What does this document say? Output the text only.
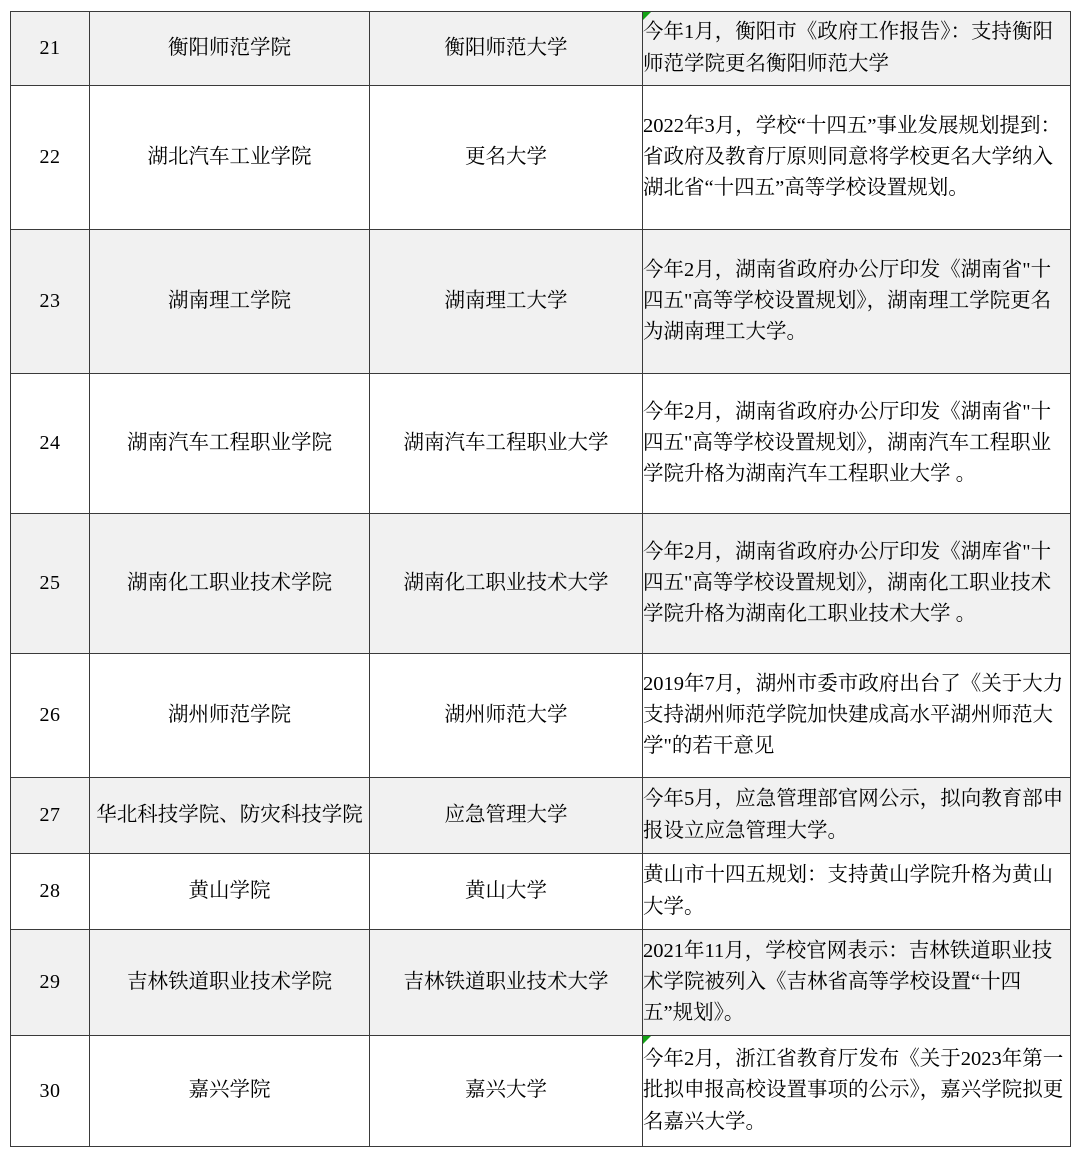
21	衡阳师范学院	衡阳师范大学	今年1月，衡阳市《政府工作报告》：支持衡阳师范学院更名衡阳师范大学

22	湖北汽车工业学院	更名大学	2022年3月，学校“十四五”事业发展规划提到：省政府及教育厅原则同意将学校更名大学纳入湖北省“十四五”高等学校设置规划。

23	湖南理工学院	湖南理工大学	今年2月，湖南省政府办公厅印发《湖南省"十四五"高等学校设置规划》，湖南理工学院更名为湖南理工大学。

24	湖南汽车工程职业学院	湖南汽车工程职业大学	今年2月，湖南省政府办公厅印发《湖南省"十四五"高等学校设置规划》，湖南汽车工程职业学院升格为湖南汽车工程职业大学 。

25	湖南化工职业技术学院	湖南化工职业技术大学	今年2月，湖南省政府办公厅印发《湖库省"十四五"高等学校设置规划》，湖南化工职业技术学院升格为湖南化工职业技术大学 。

26	湖州师范学院	湖州师范大学	2019年7月，湖州市委市政府出台了《关于大力支持湖州师范学院加快建成高水平湖州师范大学"的若干意见

27	华北科技学院、防灾科技学院	应急管理大学	今年5月，应急管理部官网公示，拟向教育部申报设立应急管理大学。

28	黄山学院	黄山大学	黄山市十四五规划：支持黄山学院升格为黄山大学。

29	吉林铁道职业技术学院	吉林铁道职业技术大学	2021年11月，学校官网表示：吉林铁道职业技术学院被列入《吉林省高等学校设置“十四五”规划》。

30	嘉兴学院	嘉兴大学	今年2月，浙江省教育厅发布《关于2023年第一批拟申报高校设置事项的公示》，嘉兴学院拟更名嘉兴大学。
